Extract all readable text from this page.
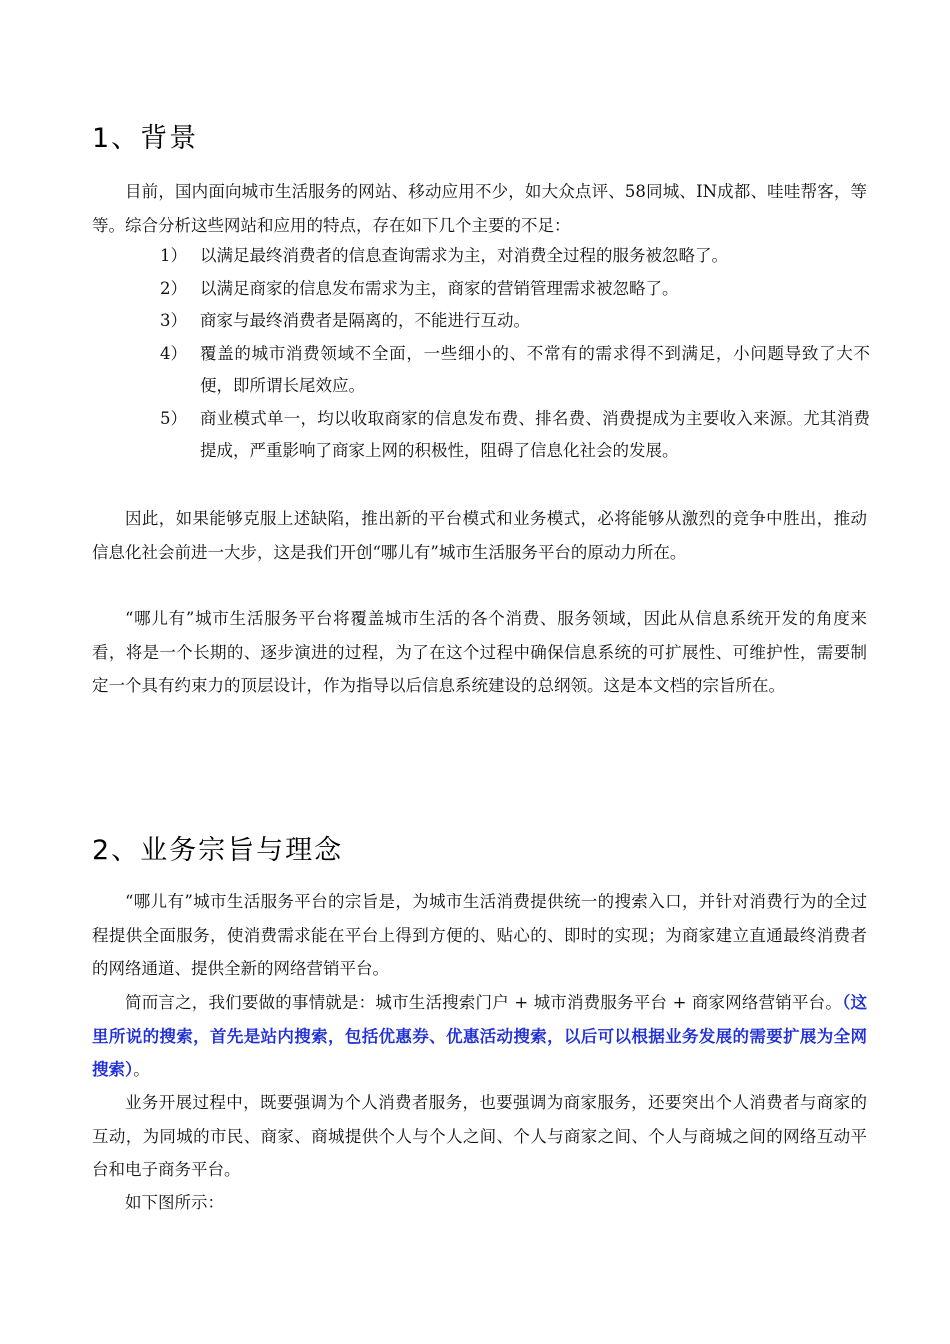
1、背景
目前，国内面向城市生活服务的网站、移动应用不少，如大众点评、58同城、IN成都、哇哇帮客，等等。综合分析这些网站和应用的特点，存在如下几个主要的不足：
1） 以满足最终消费者的信息查询需求为主，对消费全过程的服务被忽略了。
2） 以满足商家的信息发布需求为主，商家的营销管理需求被忽略了。
3） 商家与最终消费者是隔离的，不能进行互动。
4） 覆盖的城市消费领域不全面，一些细小的、不常有的需求得不到满足，小问题导致了大不便，即所谓长尾效应。
5） 商业模式单一，均以收取商家的信息发布费、排名费、消费提成为主要收入来源。尤其消费提成，严重影响了商家上网的积极性，阻碍了信息化社会的发展。
因此，如果能够克服上述缺陷，推出新的平台模式和业务模式，必将能够从激烈的竞争中胜出，推动信息化社会前进一大步，这是我们开创“哪儿有”城市生活服务平台的原动力所在。
“哪儿有”城市生活服务平台将覆盖城市生活的各个消费、服务领域，因此从信息系统开发的角度来看，将是一个长期的、逐步演进的过程，为了在这个过程中确保信息系统的可扩展性、可维护性，需要制定一个具有约束力的顶层设计，作为指导以后信息系统建设的总纲领。这是本文档的宗旨所在。
2、业务宗旨与理念
“哪儿有”城市生活服务平台的宗旨是，为城市生活消费提供统一的搜索入口，并针对消费行为的全过程提供全面服务，使消费需求能在平台上得到方便的、贴心的、即时的实现；为商家建立直通最终消费者的网络通道、提供全新的网络营销平台。
简而言之，我们要做的事情就是：城市生活搜索门户 + 城市消费服务平台 + 商家网络营销平台。（这里所说的搜索，首先是站内搜索，包括优惠券、优惠活动搜索，以后可以根据业务发展的需要扩展为全网搜索）。
业务开展过程中，既要强调为个人消费者服务，也要强调为商家服务，还要突出个人消费者与商家的互动，为同城的市民、商家、商城提供个人与个人之间、个人与商家之间、个人与商城之间的网络互动平台和电子商务平台。
如下图所示：
